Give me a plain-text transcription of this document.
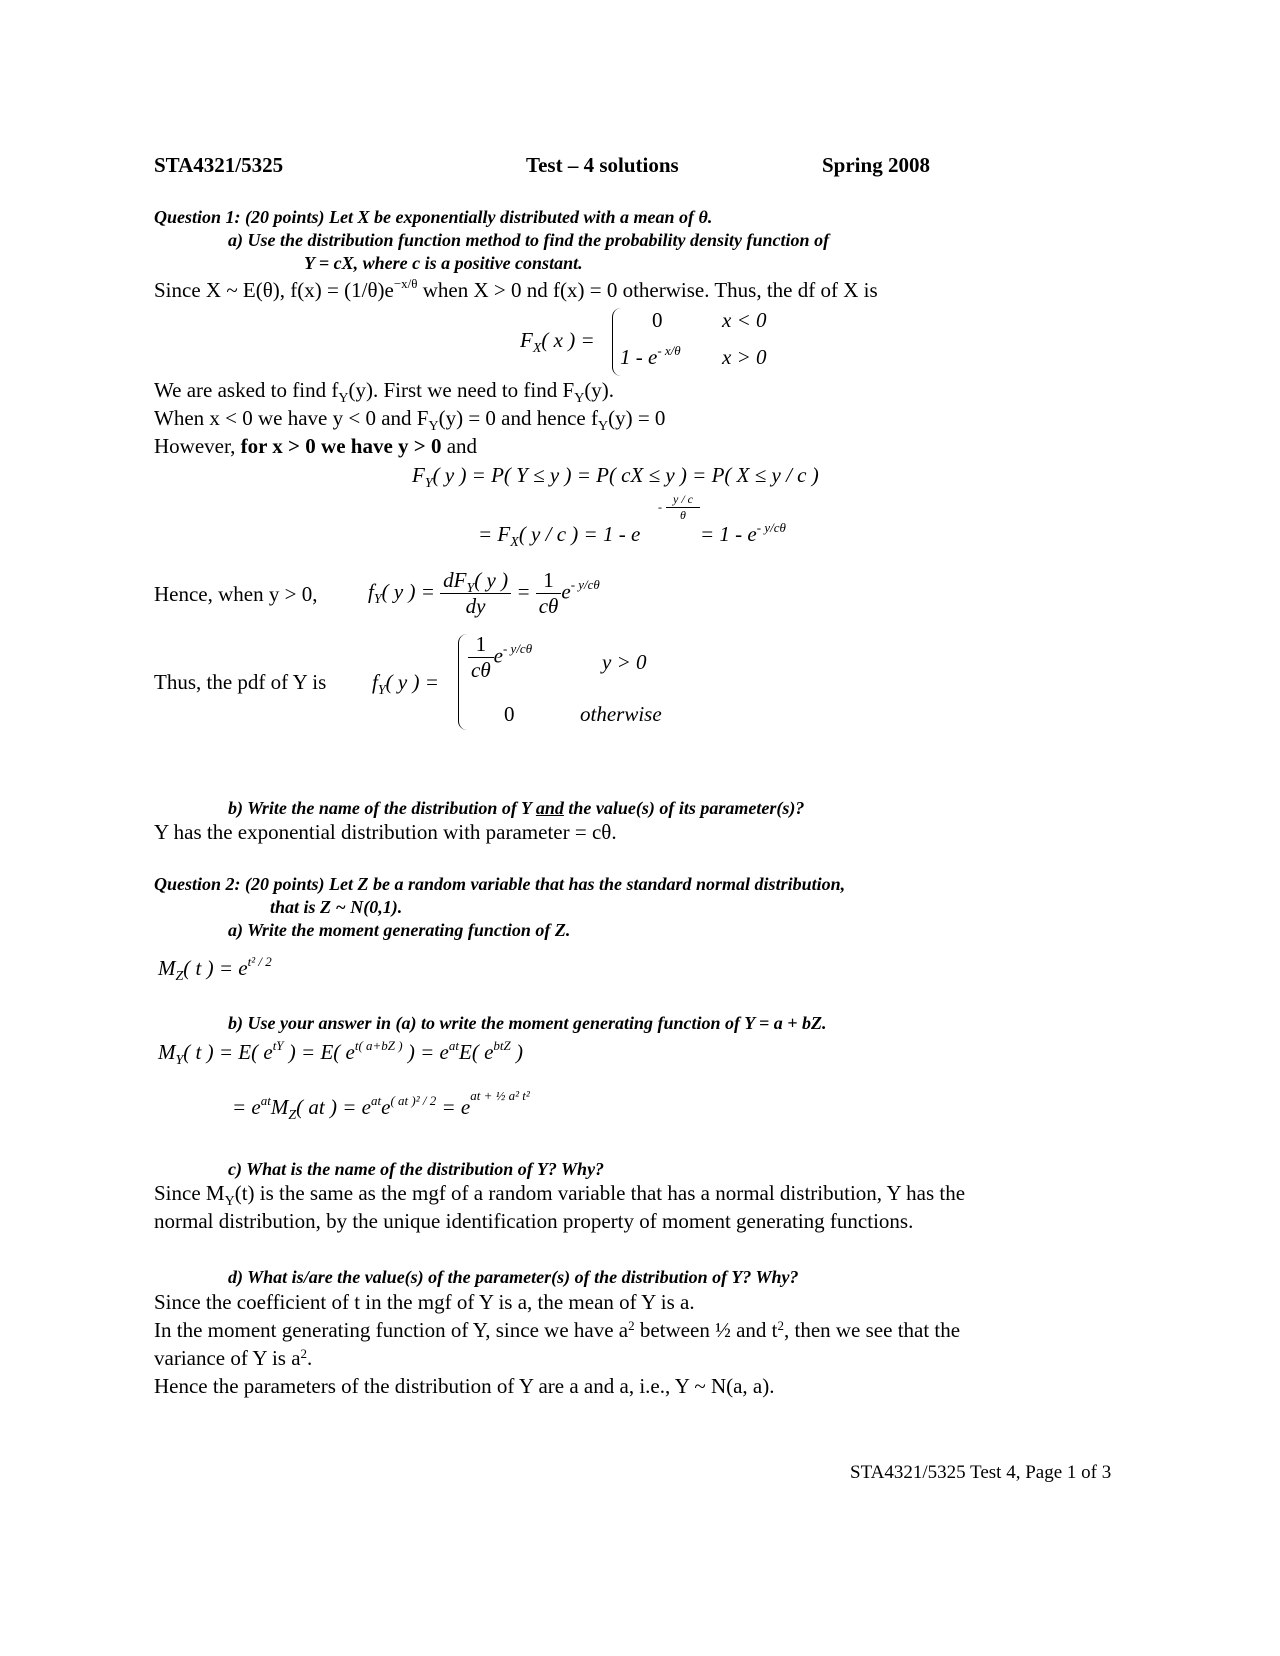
STA4321/5325	Test – 4 solutions	Spring 2008
Question 1: (20 points) Let X be exponentially distributed with a mean of θ.
a) Use the distribution function method to find the probability density function of
Y = cX, where c is a positive constant.
Since X ~ E(θ), $f(x) = (1/\theta)e^{-x/\theta}$ when X > 0 nd f(x) = 0 otherwise. Thus, the df of X is
$F_X$( x ) =
0	x < 0
$1 - e^{- x/\theta}$ x > 0
We are asked to find $f_Y(y)$. First we need to find $F_Y(y)$.
When x < 0 we have y < 0 and $F_Y(y) = 0$ and hence $f_Y(y) = 0$
However, for x > 0 we have y > 0 and
$F_Y$( y ) = P( Y ≤ y ) = P( cX ≤ y ) = P( X ≤ y / c )
= $F_X$( y / c ) = 1 - e
-
y / c
θ
= $1 - e^{- y/c\theta}$
Hence, when y > 0, $f_Y$( y ) = $\frac{dF_Y( y )}{dy} = \frac{1}{c\theta} e^{- y/c\theta}$
Thus, the pdf of Y is $f_Y$( y ) = $\frac{1}{c\theta} e^{- y/c\theta}$
y > 0
0	otherwise
b) Write the name of the distribution of Y and the value(s) of its parameter(s)?
Y has the exponential distribution with parameter = cθ.
Question 2: (20 points) Let Z be a random variable that has the standard normal distribution,
that is Z ~ N(0,1).
a) Write the moment generating function of Z.
$M_Z$( t ) = $e^{t^2 / 2}$
b) Use your answer in (a) to write the moment generating function of Y = a + bZ.
$M_Y$( t ) = E( $e^{tY}$ ) = E( $e^{t( a+bZ )}$ ) = $e^{at}E$( $e^{btZ}$ )
= $e^{at}M_Z$( at ) = $e^{at}e^{( at )^2 / 2} = e^{at + \frac{1}{2} a^2 t^2}$
c) What is the name of the distribution of Y? Why?
Since $M_Y(t)$ is the same as the mgf of a random variable that has a normal distribution, Y has the
normal distribution, by the unique identification property of moment generating functions.
d) What is/are the value(s) of the parameter(s) of the distribution of Y? Why?
Since the coefficient of t in the mgf of Y is a, the mean of Y is a.
In the moment generating function of Y, since we have $a^2$ between ½ and $t^2$, then we see that the
variance of Y is $a^2$.
Hence the parameters of the distribution of Y are a and a, i.e., Y ~ N(a, a).
STA4321/5325 Test 4, Page 1 of 3
